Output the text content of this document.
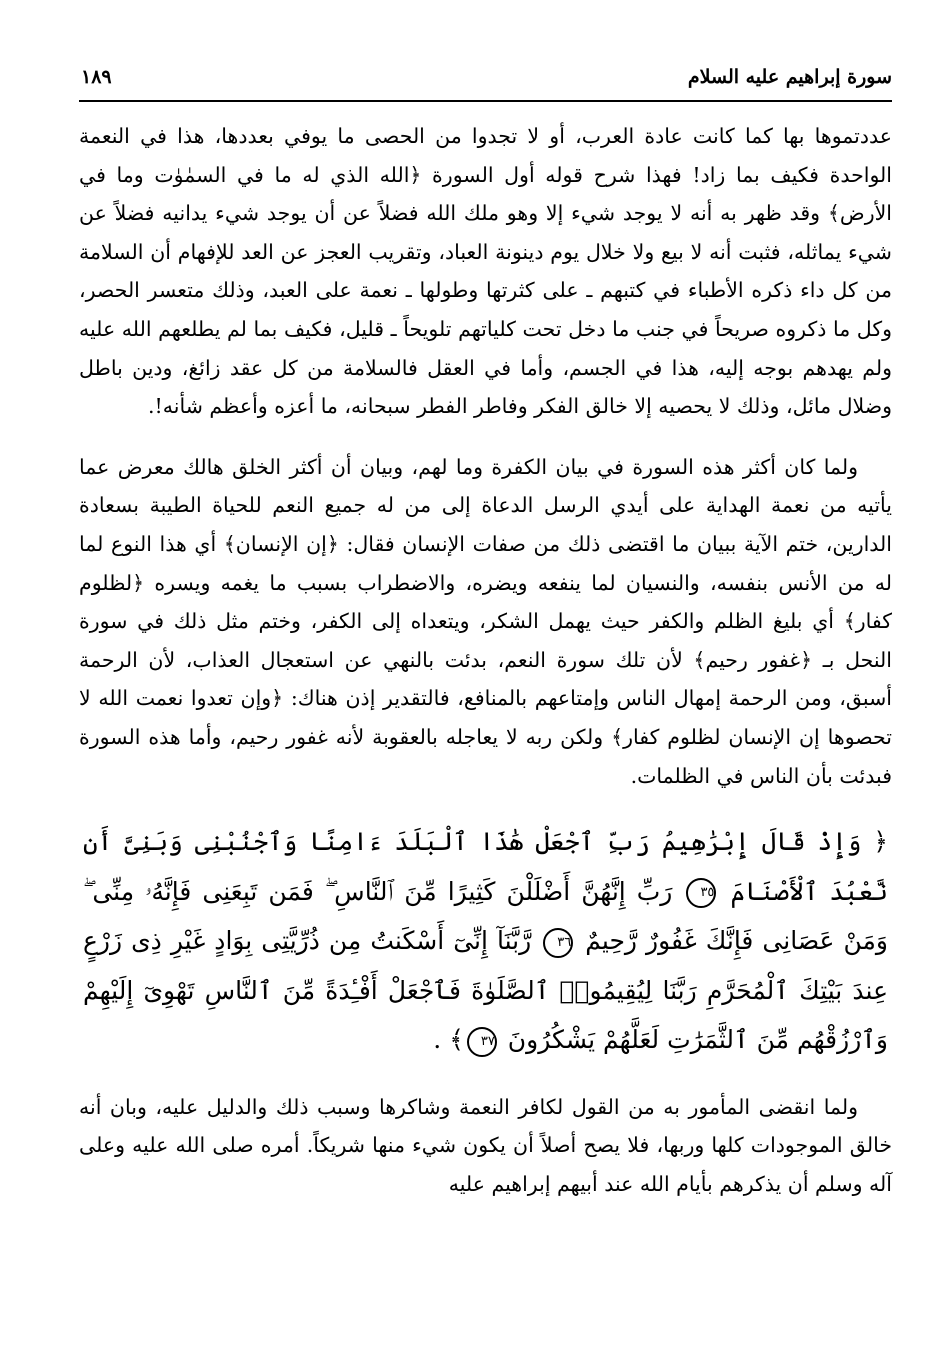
سورة إبراهيم عليه السلام
١٨٩

عددتموها بها كما كانت عادة العرب، أو لا تجدوا من الحصى ما يوفي بعددها، هذا في النعمة الواحدة فكيف بما زاد! فهذا شرح قوله أول السورة ﴿الله الذي له ما في السمٰوٰت وما في الأرض﴾ وقد ظهر به أنه لا يوجد شيء إلا وهو ملك الله فضلاً عن أن يوجد شيء يدانيه فضلاً عن شيء يماثله، فثبت أنه لا بيع ولا خلال يوم دينونة العباد، وتقريب العجز عن العد للإفهام أن السلامة من كل داء ذكره الأطباء في كتبهم ـ على كثرتها وطولها ـ نعمة على العبد، وذلك متعسر الحصر، وكل ما ذكروه صريحاً في جنب ما دخل تحت كلياتهم تلويحاً ـ قليل، فكيف بما لم يطلعهم الله عليه ولم يهدهم بوجه إليه، هذا في الجسم، وأما في العقل فالسلامة من كل عقد زائغ، ودين باطل وضلال مائل، وذلك لا يحصيه إلا خالق الفكر وفاطر الفطر سبحانه، ما أعزه وأعظم شأنه!.

ولما كان أكثر هذه السورة في بيان الكفرة وما لهم، وبيان أن أكثر الخلق هالك معرض عما يأتيه من نعمة الهداية على أيدي الرسل الدعاة إلى من له جميع النعم للحياة الطيبة بسعادة الدارين، ختم الآية ببيان ما اقتضى ذلك من صفات الإنسان فقال: ﴿إن الإنسان﴾ أي هذا النوع لما له من الأنس بنفسه، والنسيان لما ينفعه ويضره، والاضطراب بسبب ما يغمه ويسره ﴿لظلوم كفار﴾ أي بليغ الظلم والكفر حيث يهمل الشكر، ويتعداه إلى الكفر، وختم مثل ذلك في سورة النحل بـ ﴿غفور رحيم﴾ لأن تلك سورة النعم، بدئت بالنهي عن استعجال العذاب، لأن الرحمة أسبق، ومن الرحمة إمهال الناس وإمتاعهم بالمنافع، فالتقدير إذن هناك: ﴿وإن تعدوا نعمت الله لا تحصوها إن الإنسان لظلوم كفار﴾ ولكن ربه لا يعاجله بالعقوبة لأنه غفور رحيم، وأما هذه السورة فبدئت بأن الناس في الظلمات.

﴿ وَإِذْ قَالَ إِبْرَٰهِيمُ رَبِّ ٱجْعَلْ هَٰذَا ٱلْبَلَدَ ءَامِنًا وَٱجْنُبْنِى وَبَنِىَّ أَن نَّعْبُدَ ٱلْأَصْنَامَ ٣٥ رَبِّ إِنَّهُنَّ أَضْلَلْنَ كَثِيرًا مِّنَ ٱلنَّاسِ ۖ فَمَن تَبِعَنِى فَإِنَّهُۥ مِنِّى ۖ وَمَنْ عَصَانِى فَإِنَّكَ غَفُورٌ رَّحِيمٌ ٣٦ رَّبَّنَآ إِنِّىٓ أَسْكَنتُ مِن ذُرِّيَّتِى بِوَادٍ غَيْرِ ذِى زَرْعٍ عِندَ بَيْتِكَ ٱلْمُحَرَّمِ رَبَّنَا لِيُقِيمُوا۟ ٱلصَّلَوٰةَ فَٱجْعَلْ أَفْـِٔدَةً مِّنَ ٱلنَّاسِ تَهْوِىٓ إِلَيْهِمْ وَٱرْزُقْهُم مِّنَ ٱلثَّمَرَٰتِ لَعَلَّهُمْ يَشْكُرُونَ ٣٧﴾ .

ولما انقضى المأمور به من القول لكافر النعمة وشاكرها وسبب ذلك والدليل عليه، وبان أنه خالق الموجودات كلها وربها، فلا يصح أصلاً أن يكون شيء منها شريكاً. أمره صلى الله عليه وعلى آله وسلم أن يذكرهم بأيام الله عند أبيهم إبراهيم عليه
